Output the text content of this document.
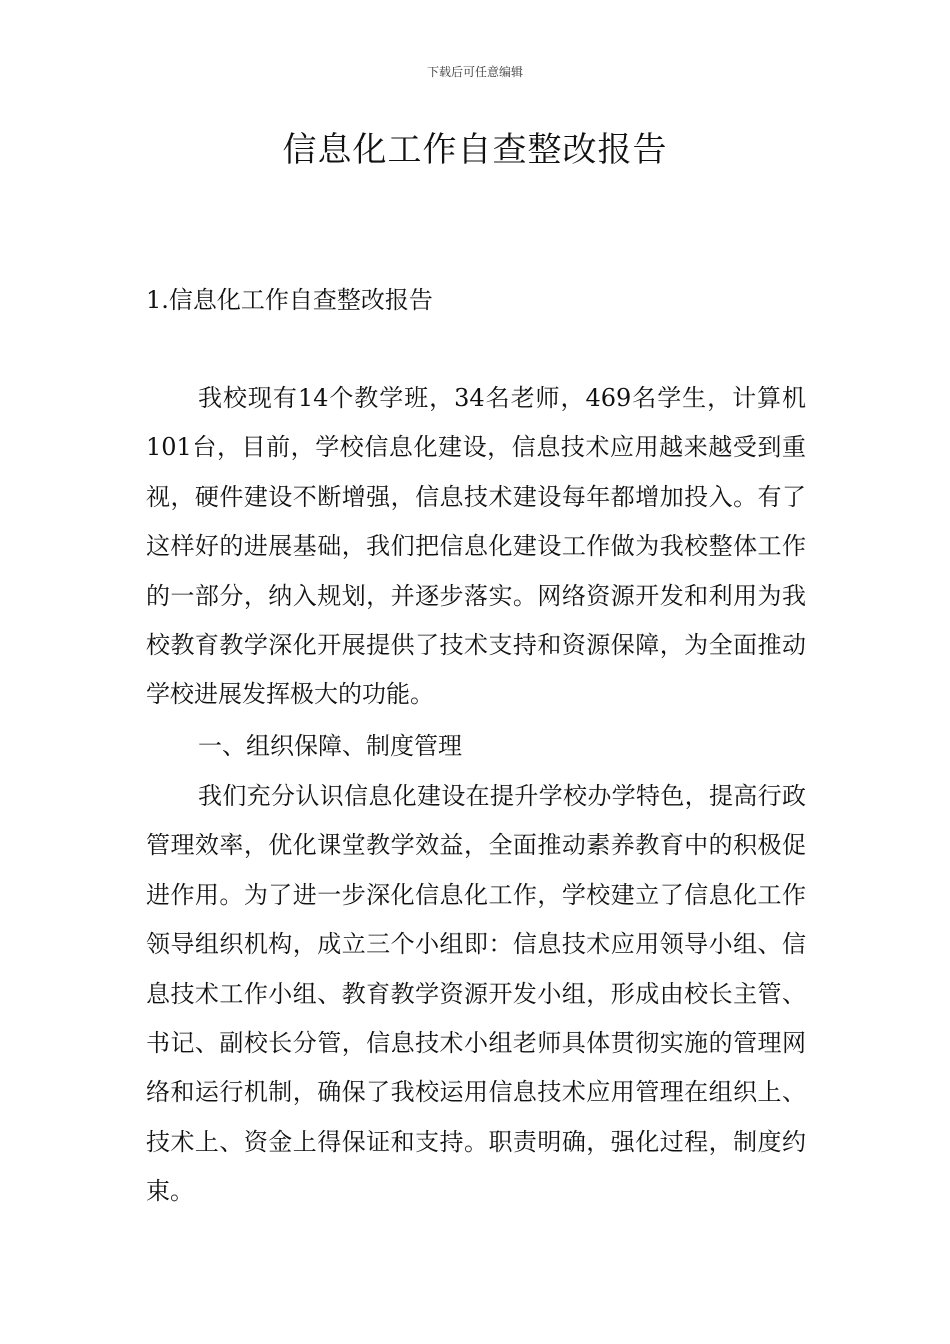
下载后可任意编辑
信息化工作自查整改报告
1.信息化工作自查整改报告

我校现有14个教学班，34名老师，469名学生，计算机101台，目前，学校信息化建设，信息技术应用越来越受到重视，硬件建设不断增强，信息技术建设每年都增加投入。有了这样好的进展基础，我们把信息化建设工作做为我校整体工作的一部分，纳入规划，并逐步落实。网络资源开发和利用为我校教育教学深化开展提供了技术支持和资源保障，为全面推动学校进展发挥极大的功能。

一、组织保障、制度管理

我们充分认识信息化建设在提升学校办学特色，提高行政管理效率，优化课堂教学效益，全面推动素养教育中的积极促进作用。为了进一步深化信息化工作，学校建立了信息化工作领导组织机构，成立三个小组即：信息技术应用领导小组、信息技术工作小组、教育教学资源开发小组，形成由校长主管、书记、副校长分管，信息技术小组老师具体贯彻实施的管理网络和运行机制，确保了我校运用信息技术应用管理在组织上、技术上、资金上得保证和支持。职责明确，强化过程，制度约束。
